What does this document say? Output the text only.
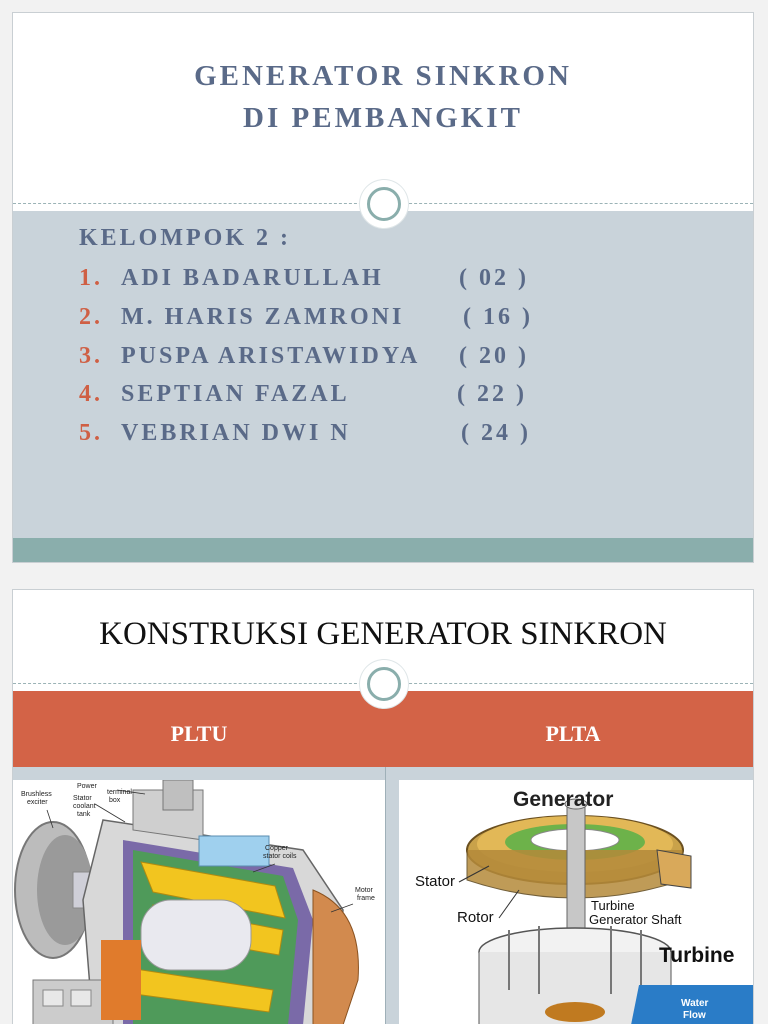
GENERATOR SINKRON
DI PEMBANGKIT
KELOMPOK 2 :
1. ADI BADARULLAH	( 02 )
2. M. HARIS ZAMRONI ( 16 )
3. PUSPA ARISTAWIDYA ( 20 )
4. SEPTIAN FAZAL	( 22 )
5. VEBRIAN DWI N	( 24 )
KONSTRUKSI GENERATOR SINKRON
PLTU	PLTA
Brushless
exciter
Power
terminal
box
Stator
coolant
tank
Copper
stator coils
Motor
frame
Generator
Stator
Rotor
Turbine
Generator Shaft
Turbine
Water
Flow
